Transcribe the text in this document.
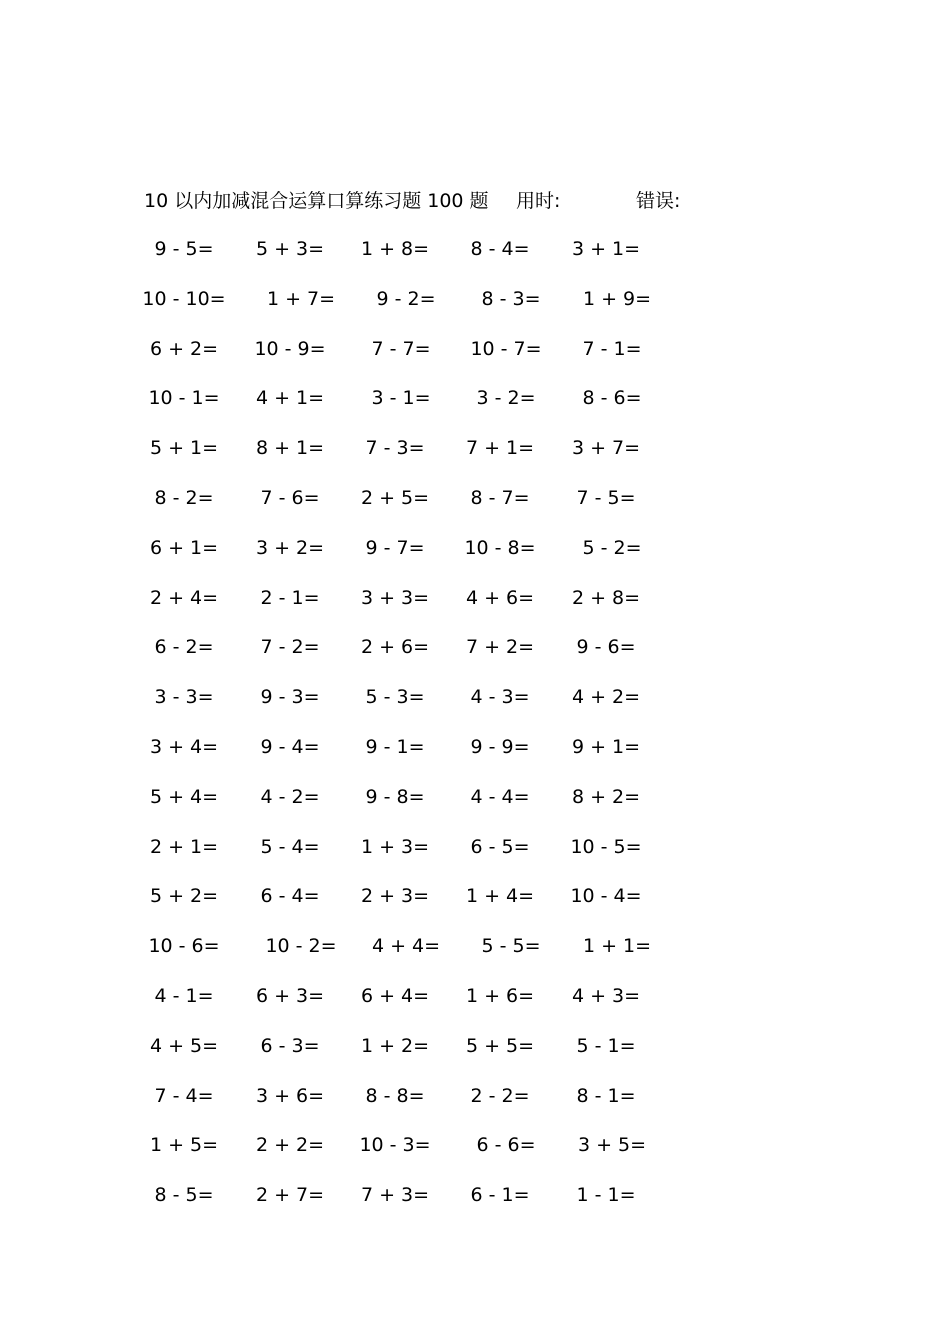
10 以内加减混合运算口算练习题 100 题 用时:	错误:
9 - 5=	5 + 3=	1 + 8=	8 - 4=	3 + 1=
10 - 10=	1 + 7=	9 - 2=	8 - 3=	1 + 9=
6 + 2=	10 - 9=	7 - 7=	10 - 7=	7 - 1=
10 - 1=	4 + 1=	3 - 1=	3 - 2=	8 - 6=
5 + 1=	8 + 1=	7 - 3=	7 + 1=	3 + 7=
8 - 2=	7 - 6=	2 + 5=	8 - 7=	7 - 5=
6 + 1=	3 + 2=	9 - 7=	10 - 8=	5 - 2=
2 + 4=	2 - 1=	3 + 3=	4 + 6=	2 + 8=
6 - 2=	7 - 2=	2 + 6=	7 + 2=	9 - 6=
3 - 3=	9 - 3=	5 - 3=	4 - 3=	4 + 2=
3 + 4=	9 - 4=	9 - 1=	9 - 9=	9 + 1=
5 + 4=	4 - 2=	9 - 8=	4 - 4=	8 + 2=
2 + 1=	5 - 4=	1 + 3=	6 - 5=	10 - 5=
5 + 2=	6 - 4=	2 + 3=	1 + 4=	10 - 4=
10 - 6=	10 - 2=	4 + 4=	5 - 5=	1 + 1=
4 - 1=	6 + 3=	6 + 4=	1 + 6=	4 + 3=
4 + 5=	6 - 3=	1 + 2=	5 + 5=	5 - 1=
7 - 4=	3 + 6=	8 - 8=	2 - 2=	8 - 1=
1 + 5=	2 + 2=	10 - 3=	6 - 6=	3 + 5=
8 - 5=	2 + 7=	7 + 3=	6 - 1=	1 - 1=
